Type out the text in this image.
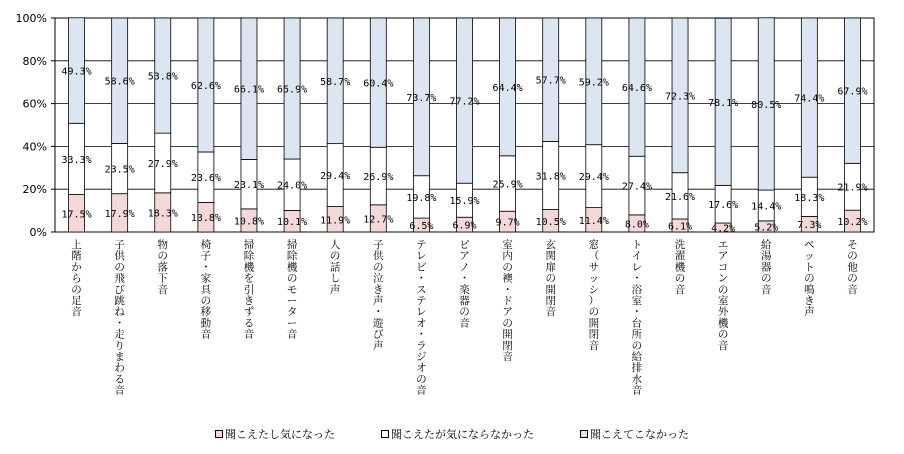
0%
20%
40%
60%
80%
100%
17.5%
33.3%
49.3%
上
階
か
ら
の
足
音
17.9%
23.5%
58.6%
子
供
の
飛
び
跳
ね
・
走
り
ま
わ
る
音
18.3%
27.9%
53.8%
物
の
落
下
音
13.8%
23.6%
62.6%
椅
子
・
家
具
の
移
動
音
10.8%
23.1%
66.1%
掃
除
機
を
引
き
ず
る
音
10.1%
24.0%
65.9%
掃
除
機
の
モ
ー
タ
ー
音
11.9%
29.4%
58.7%
人
の
話
し
声
12.7%
26.9%
60.4%
子
供
の
泣
き
声
・
遊
び
声
6.5%
19.8%
73.7%
テ
レ
ビ
・
ス
テ
レ
オ
・
ラ
ジ
オ
の
音
6.9%
15.9%
77.2%
ピ
ア
ノ
・
楽
器
の
音
9.7%
25.9%
64.4%
室
内
の
襖
・
ド
ア
の
開
閉
音
10.5%
31.8%
57.7%
玄
関
扉
の
開
閉
音
11.4%
29.4%
59.2%
窓
（
サ
ッ
シ
）
の
開
閉
音
8.0%
27.4%
64.6%
ト
イ
レ
・
浴
室
・
台
所
の
給
排
水
音
6.1%
21.6%
72.3%
洗
濯
機
の
音
4.2%
17.6%
78.1%
エ
ア
コ
ン
の
室
外
機
の
音
5.2%
14.4%
80.5%
給
湯
器
の
音
7.3%
18.3%
74.4%
ペ
ッ
ト
の
鳴
き
声
10.2%
21.9%
67.9%
そ
の
他
の
音
聞こえたし気になった	聞こえたが気にならなかった	聞こえてこなかった
